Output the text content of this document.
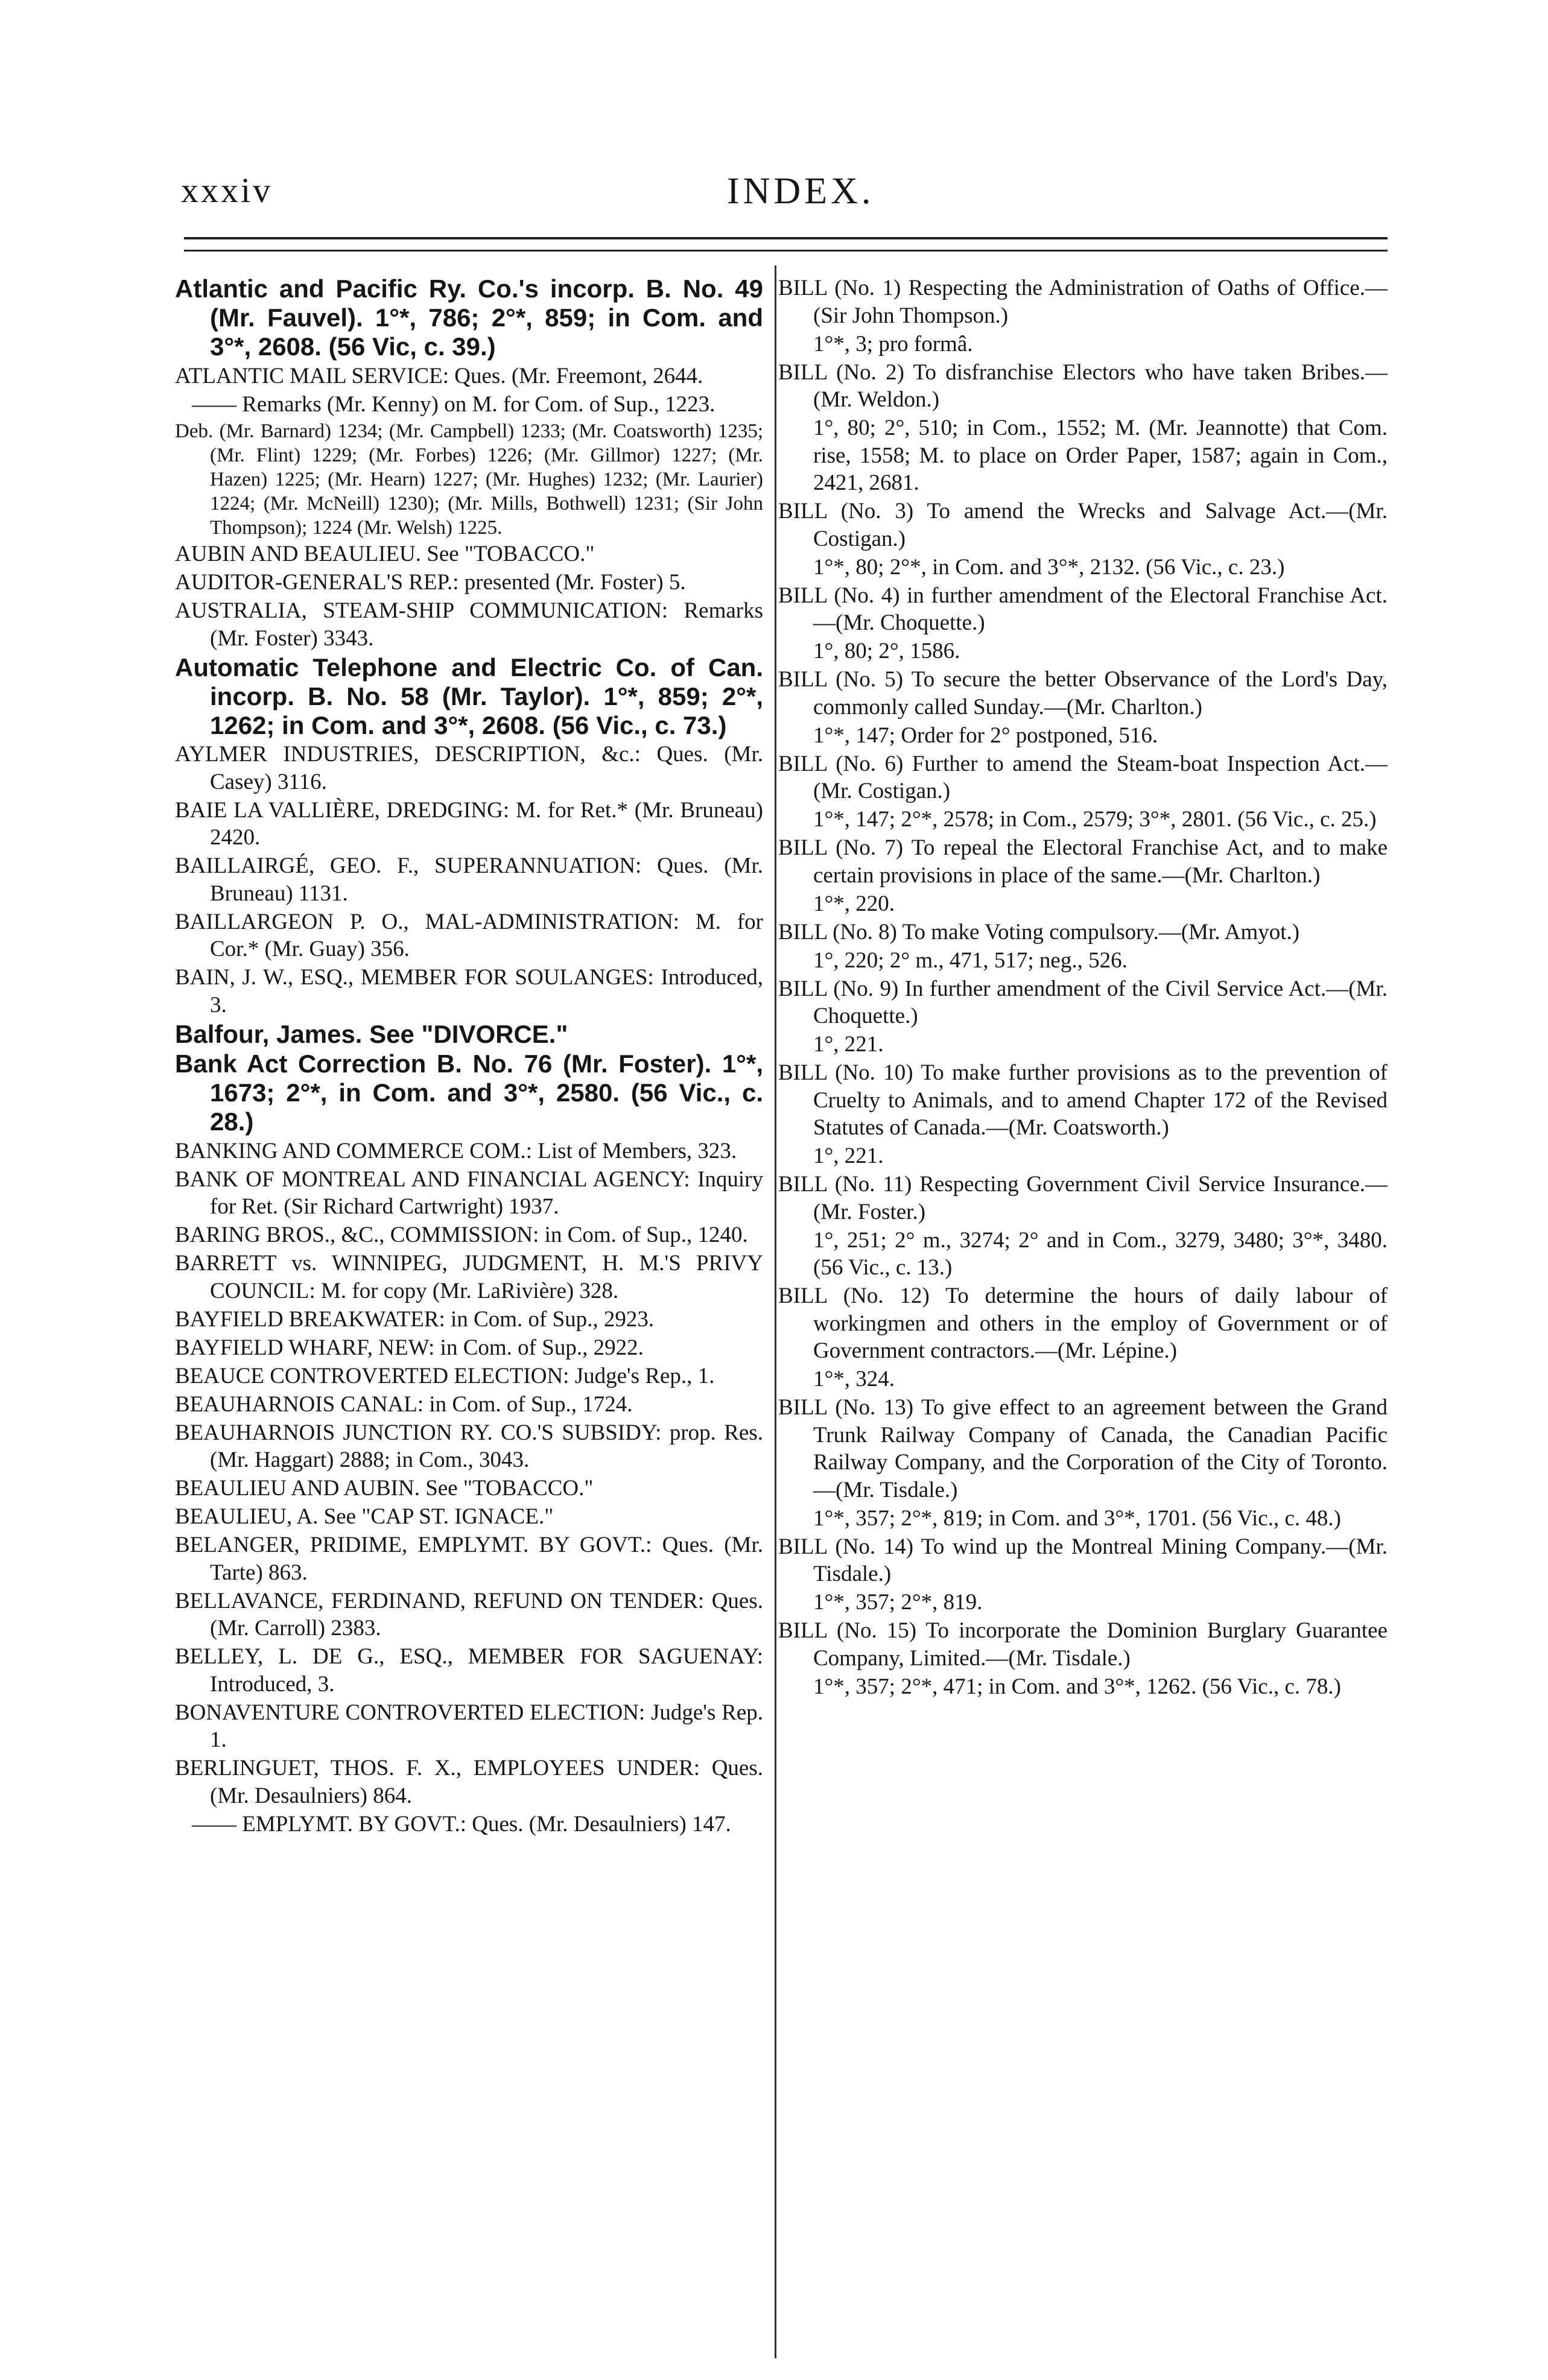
xxxiv	INDEX.

Atlantic and Pacific Ry. Co.'s incorp. B. No. 49 (Mr. Fauvel). 1°*, 786; 2°*, 859; in Com. and 3°*, 2608. (56 Vic, c. 39.)

ATLANTIC MAIL SERVICE: Ques. (Mr. Freemont, 2644.

—— Remarks (Mr. Kenny) on M. for Com. of Sup., 1223.

Deb. (Mr. Barnard) 1234; (Mr. Campbell) 1233; (Mr. Coatsworth) 1235; (Mr. Flint) 1229; (Mr. Forbes) 1226; (Mr. Gillmor) 1227; (Mr. Hazen) 1225; (Mr. Hearn) 1227; (Mr. Hughes) 1232; (Mr. Laurier) 1224; (Mr. McNeill) 1230); (Mr. Mills, Bothwell) 1231; (Sir John Thompson); 1224 (Mr. Welsh) 1225.

AUBIN AND BEAULIEU. See "TOBACCO."

AUDITOR-GENERAL'S REP.: presented (Mr. Foster) 5.

AUSTRALIA, STEAM-SHIP COMMUNICATION: Remarks (Mr. Foster) 3343.

Automatic Telephone and Electric Co. of Can. incorp. B. No. 58 (Mr. Taylor). 1°*, 859; 2°*, 1262; in Com. and 3°*, 2608. (56 Vic., c. 73.)

AYLMER INDUSTRIES, DESCRIPTION, &c.: Ques. (Mr. Casey) 3116.

BAIE LA VALLIÈRE, DREDGING: M. for Ret.* (Mr. Bruneau) 2420.

BAILLAIRGÉ, GEO. F., SUPERANNUATION: Ques. (Mr. Bruneau) 1131.

BAILLARGEON P. O., MAL-ADMINISTRATION: M. for Cor.* (Mr. Guay) 356.

BAIN, J. W., ESQ., MEMBER FOR SOULANGES: Introduced, 3.

Balfour, James. See "DIVORCE."

Bank Act Correction B. No. 76 (Mr. Foster). 1°*, 1673; 2°*, in Com. and 3°*, 2580. (56 Vic., c. 28.)

BANKING AND COMMERCE COM.: List of Members, 323.

BANK OF MONTREAL AND FINANCIAL AGENCY: Inquiry for Ret. (Sir Richard Cartwright) 1937.

BARING BROS., &C., COMMISSION: in Com. of Sup., 1240.

BARRETT vs. WINNIPEG, JUDGMENT, H. M.'S PRIVY COUNCIL: M. for copy (Mr. LaRivière) 328.

BAYFIELD BREAKWATER: in Com. of Sup., 2923.

BAYFIELD WHARF, NEW: in Com. of Sup., 2922.

BEAUCE CONTROVERTED ELECTION: Judge's Rep., 1.

BEAUHARNOIS CANAL: in Com. of Sup., 1724.

BEAUHARNOIS JUNCTION RY. CO.'S SUBSIDY: prop. Res. (Mr. Haggart) 2888; in Com., 3043.

BEAULIEU AND AUBIN. See "TOBACCO."

BEAULIEU, A. See "CAP ST. IGNACE."

BELANGER, PRIDIME, EMPLYMT. BY GOVT.: Ques. (Mr. Tarte) 863.

BELLAVANCE, FERDINAND, REFUND ON TENDER: Ques. (Mr. Carroll) 2383.

BELLEY, L. DE G., ESQ., MEMBER FOR SAGUENAY: Introduced, 3.

BONAVENTURE CONTROVERTED ELECTION: Judge's Rep. 1.

BERLINGUET, THOS. F. X., EMPLOYEES UNDER: Ques. (Mr. Desaulniers) 864.

—— EMPLYMT. BY GOVT.: Ques. (Mr. Desaulniers) 147.

BILL (No. 1) Respecting the Administration of Oaths of Office.—(Sir John Thompson.)

1°*, 3; pro formâ.

BILL (No. 2) To disfranchise Electors who have taken Bribes.—(Mr. Weldon.)

1°, 80; 2°, 510; in Com., 1552; M. (Mr. Jeannotte) that Com. rise, 1558; M. to place on Order Paper, 1587; again in Com., 2421, 2681.

BILL (No. 3) To amend the Wrecks and Salvage Act.—(Mr. Costigan.)

1°*, 80; 2°*, in Com. and 3°*, 2132. (56 Vic., c. 23.)

BILL (No. 4) in further amendment of the Electoral Franchise Act.—(Mr. Choquette.)

1°, 80; 2°, 1586.

BILL (No. 5) To secure the better Observance of the Lord's Day, commonly called Sunday.—(Mr. Charlton.)

1°*, 147; Order for 2° postponed, 516.

BILL (No. 6) Further to amend the Steam-boat Inspection Act.—(Mr. Costigan.)

1°*, 147; 2°*, 2578; in Com., 2579; 3°*, 2801. (56 Vic., c. 25.)

BILL (No. 7) To repeal the Electoral Franchise Act, and to make certain provisions in place of the same.—(Mr. Charlton.)

1°*, 220.

BILL (No. 8) To make Voting compulsory.—(Mr. Amyot.)

1°, 220; 2° m., 471, 517; neg., 526.

BILL (No. 9) In further amendment of the Civil Service Act.—(Mr. Choquette.)

1°, 221.

BILL (No. 10) To make further provisions as to the prevention of Cruelty to Animals, and to amend Chapter 172 of the Revised Statutes of Canada.—(Mr. Coatsworth.)

1°, 221.

BILL (No. 11) Respecting Government Civil Service Insurance.—(Mr. Foster.)

1°, 251; 2° m., 3274; 2° and in Com., 3279, 3480; 3°*, 3480. (56 Vic., c. 13.)

BILL (No. 12) To determine the hours of daily labour of workingmen and others in the employ of Government or of Government contractors.—(Mr. Lépine.)

1°*, 324.

BILL (No. 13) To give effect to an agreement between the Grand Trunk Railway Company of Canada, the Canadian Pacific Railway Company, and the Corporation of the City of Toronto.—(Mr. Tisdale.)

1°*, 357; 2°*, 819; in Com. and 3°*, 1701. (56 Vic., c. 48.)

BILL (No. 14) To wind up the Montreal Mining Company.—(Mr. Tisdale.)

1°*, 357; 2°*, 819.

BILL (No. 15) To incorporate the Dominion Burglary Guarantee Company, Limited.—(Mr. Tisdale.)

1°*, 357; 2°*, 471; in Com. and 3°*, 1262. (56 Vic., c. 78.)
